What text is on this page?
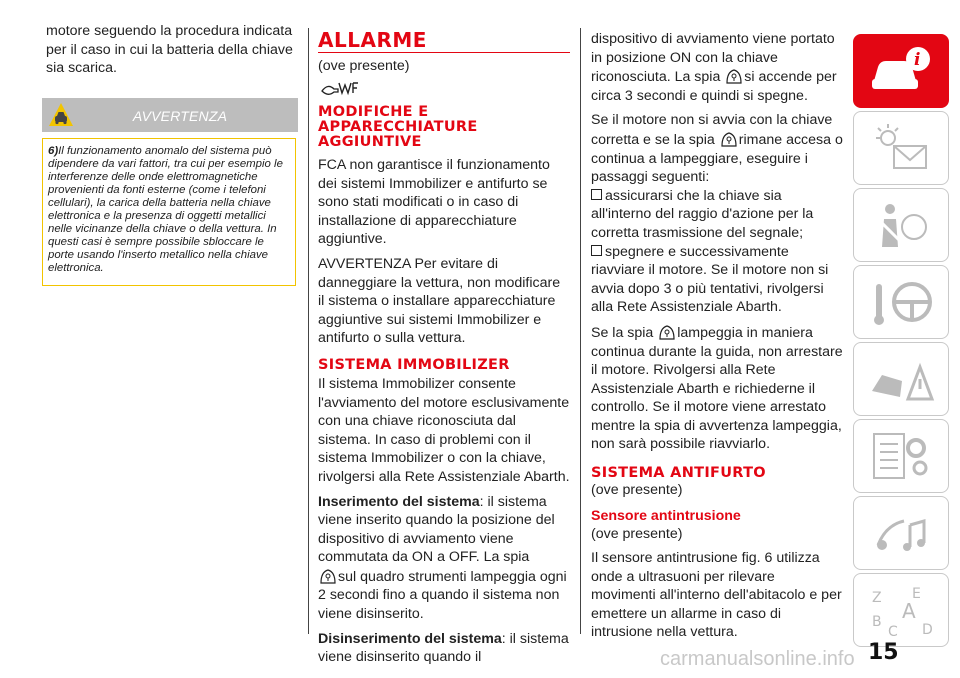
motore seguendo la procedura indicata per il caso in cui la batteria della chiave sia scarica.

AVVERTENZA
6)Il funzionamento anomalo del sistema può dipendere da vari fattori, tra cui per esempio le interferenze delle onde elettromagnetiche provenienti da fonti esterne (come i telefoni cellulari), la carica della batteria nella chiave elettronica e la presenza di oggetti metallici nelle vicinanze della chiave o della vettura. In questi casi è sempre possibile sbloccare le porte usando l'inserto metallico nella chiave elettronica.
ALLARME
(ove presente)
MODIFICHE E APPARECCHIATURE AGGIUNTIVE

FCA non garantisce il funzionamento dei sistemi Immobilizer e antifurto se sono stati modificati o in caso di installazione di apparecchiature aggiuntive.

AVVERTENZA Per evitare di danneggiare la vettura, non modificare il sistema o installare apparecchiature aggiuntive sui sistemi Immobilizer e antifurto o sulla vettura.

SISTEMA IMMOBILIZER

Il sistema Immobilizer consente l'avviamento del motore esclusivamente con una chiave riconosciuta dal sistema. In caso di problemi con il sistema Immobilizer o con la chiave, rivolgersi alla Rete Assistenziale Abarth.

Inserimento del sistema: il sistema viene inserito quando la posizione del dispositivo di avviamento viene commutata da ON a OFF. La spia
sul quadro strumenti lampeggia ogni 2 secondi fino a quando il sistema non viene disinserito.

Disinserimento del sistema: il sistema viene disinserito quando il

dispositivo di avviamento viene portato in posizione ON con la chiave riconosciuta. La spia si accende per circa 3 secondi e quindi si spegne.

Se il motore non si avvia con la chiave corretta e se la spia rimane accesa o continua a lampeggiare, eseguire i passaggi seguenti:
assicurarsi che la chiave sia all'interno del raggio d'azione per la corretta trasmissione del segnale;
spegnere e successivamente riavviare il motore. Se il motore non si avvia dopo 3 o più tentativi, rivolgersi alla Rete Assistenziale Abarth.

Se la spia lampeggia in maniera continua durante la guida, non arrestare il motore. Rivolgersi alla Rete Assistenziale Abarth e richiederne il controllo. Se il motore viene arrestato mentre la spia di avvertenza lampeggia, non sarà possibile riavviarlo.

SISTEMA ANTIFURTO
(ove presente)
Sensore antintrusione
(ove presente)

Il sensore antintrusione fig. 6 utilizza onde a ultrasuoni per rilevare movimenti all'interno dell'abitacolo e per emettere un allarme in caso di intrusione nella vettura.

i
Z E
A
B
C D
15
carmanualsonline.info
